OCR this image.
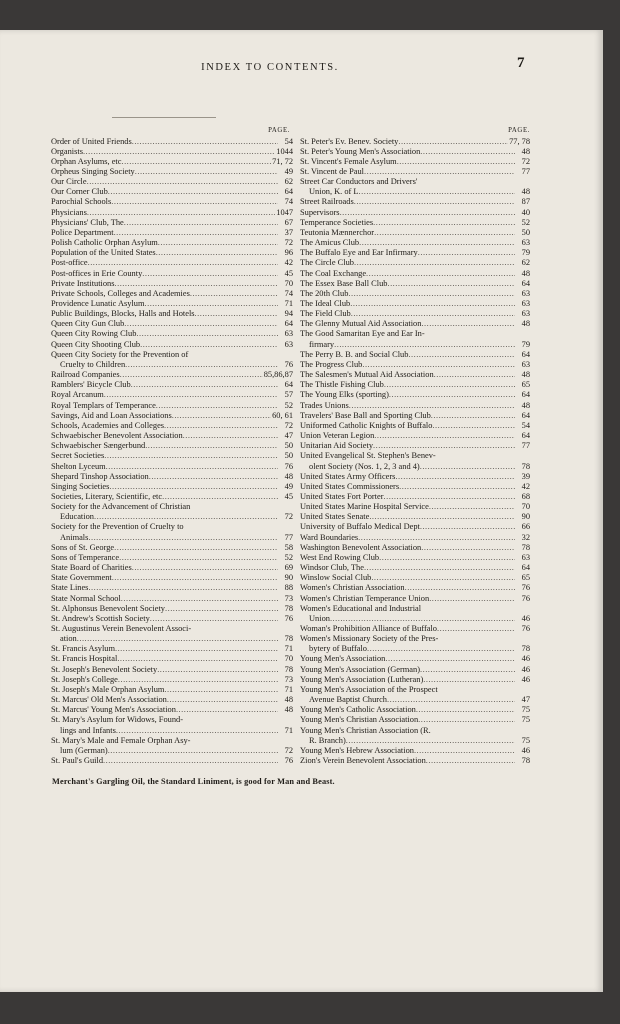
INDEX TO CONTENTS.	7
PAGE.
Order of United Friends .....	54
Organists .....	1044
Orphan Asylums, etc .....	71, 72
Orpheus Singing Society .....	49
Our Circle .....	62
Our Corner Club .....	64
Parochial Schools .....	74
Physicians .....	1047
Physicians' Club, The .....	67
Police Department .....	37
Polish Catholic Orphan Asylum .....	72
Population of the United States .....	96
Post-office .....	42
Post-offices in Erie County .....	45
Private Institutions .....	70
Private Schools, Colleges and Academies .....	74
Providence Lunatic Asylum .....	71
Public Buildings, Blocks, Halls and Hotels .....	94
Queen City Gun Club .....	64
Queen City Rowing Club .....	63
Queen City Shooting Club .....	63
Queen City Society for the Prevention of
Cruelty to Children .....	76
Railroad Companies .....	85,86,87
Ramblers' Bicycle Club .....	64
Royal Arcanum .....	57
Royal Templars of Temperance .....	52
Savings, Aid and Loan Associations .....	60, 61
Schools, Academies and Colleges .....	72
Schwaebischer Benevolent Association .....	47
Schwaebischer Sængerbund .....	50
Secret Societies .....	50
Shelton Lyceum .....	76
Shepard Tinshop Association .....	48
Singing Societies .....	49
Societies, Literary, Scientific, etc .....	45
Society for the Advancement of Christian
Education .....	72
Society for the Prevention of Cruelty to
Animals .....	77
Sons of St. George .....	58
Sons of Temperance .....	52
State Board of Charities .....	69
State Government .....	90
State Lines .....	88
State Normal School .....	73
St. Alphonsus Benevolent Society .....	78
St. Andrew's Scottish Society .....	76
St. Augustinus Verein Benevolent Associ-
ation .....	78
St. Francis Asylum .....	71
St. Francis Hospital .....	70
St. Joseph's Benevolent Society .....	78
St. Joseph's College .....	73
St. Joseph's Male Orphan Asylum .....	71
St. Marcus' Old Men's Association .....	48
St. Marcus' Young Men's Association .....	48
St. Mary's Asylum for Widows, Found-
lings and Infants .....	71
St. Mary's Male and Female Orphan Asy-
lum (German) .....	72
St. Paul's Guild .....	76
PAGE.
St. Peter's Ev. Benev. Society .....	77, 78
St. Peter's Young Men's Association .....	48
St. Vincent's Female Asylum .....	72
St. Vincent de Paul .....	77
Street Car Conductors and Drivers'
Union, K. of L .....	48
Street Railroads .....	87
Supervisors .....	40
Temperance Societies .....	52
Teutonia Mænnerchor .....	50
The Amicus Club .....	63
The Buffalo Eye and Ear Infirmary .....	79
The Circle Club .....	62
The Coal Exchange .....	48
The Essex Base Ball Club .....	64
The 20th Club .....	63
The Ideal Club .....	63
The Field Club .....	63
The Glenny Mutual Aid Association .....	48
The Good Samaritan Eye and Ear In-
firmary .....	79
The Perry B. B. and Social Club .....	64
The Progress Club .....	63
The Salesmen's Mutual Aid Association .....	48
The Thistle Fishing Club .....	65
The Young Elks (sporting) .....	64
Trades Unions .....	48
Travelers' Base Ball and Sporting Club .....	64
Uniformed Catholic Knights of Buffalo .....	54
Union Veteran Legion .....	64
Unitarian Aid Society .....	77
United Evangelical St. Stephen's Benev-
olent Society (Nos. 1, 2, 3 and 4) .....	78
United States Army Officers .....	39
United States Commissioners .....	42
United States Fort Porter .....	68
United States Marine Hospital Service .....	70
United States Senate .....	90
University of Buffalo Medical Dept .....	66
Ward Boundaries .....	32
Washington Benevolent Association .....	78
West End Rowing Club .....	63
Windsor Club, The .....	64
Winslow Social Club .....	65
Women's Christian Association .....	76
Women's Christian Temperance Union .....	76
Women's Educational and Industrial
Union .....	46
Woman's Prohibition Alliance of Buffalo .....	76
Women's Missionary Society of the Pres-
bytery of Buffalo .....	78
Young Men's Association .....	46
Young Men's Association (German) .....	46
Young Men's Association (Lutheran) .....	46
Young Men's Association of the Prospect
Avenue Baptist Church .....	47
Young Men's Catholic Association .....	75
Young Men's Christian Association .....	75
Young Men's Christian Association (R.
R. Branch) .....	75
Young Men's Hebrew Association .....	46
Zion's Verein Benevolent Association .....	78
Merchant's Gargling Oil, the Standard Liniment, is good for Man and Beast.
